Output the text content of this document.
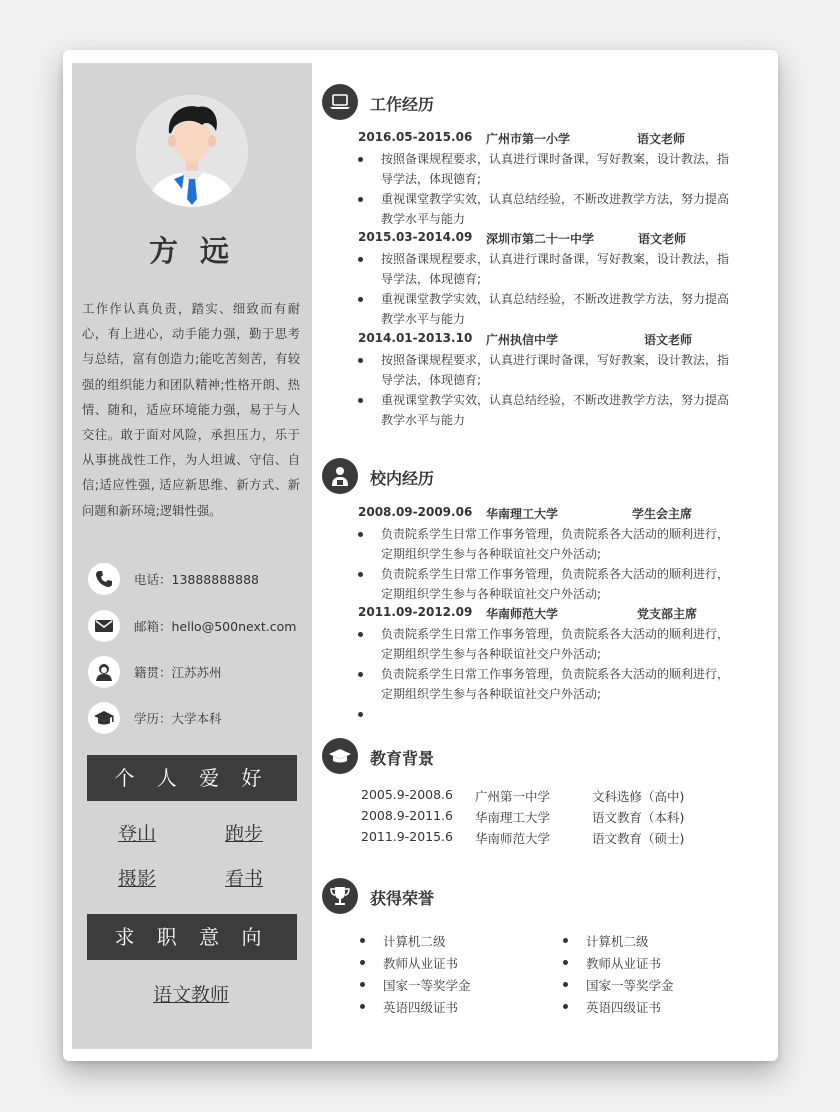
方 远
工作作认真负责，踏实、细致而有耐心，有上进心，动手能力强，勤于思考与总结，富有创造力;能吃苦刻苦，有较强的组织能力和团队精神;性格开朗、热情、随和，适应环境能力强，易于与人交往。敢于面对风险，承担压力，乐于从事挑战性工作，为人坦诚、守信、自信;适应性强, 适应新思维、新方式、新问题和新环境;逻辑性强。
电话：13888888888
邮箱：hello@500next.com
籍贯：江苏苏州
学历：大学本科
个 人 爱 好
登山	跑步
摄影	看书
求 职 意 向
语文教师
工作经历
2016.05-2015.06 广州市第一小学	语文老师
按照备课规程要求，认真进行课时备课，写好教案，设计教法，指导学法，体现德育;
重视课堂教学实效，认真总结经验，不断改进教学方法，努力提高教学水平与能力
2015.03-2014.09 深圳市第二十一中学	语文老师
按照备课规程要求，认真进行课时备课，写好教案，设计教法，指导学法，体现德育;
重视课堂教学实效，认真总结经验，不断改进教学方法，努力提高教学水平与能力
2014.01-2013.10 广州执信中学	语文老师
按照备课规程要求，认真进行课时备课，写好教案，设计教法，指导学法，体现德育;
重视课堂教学实效，认真总结经验，不断改进教学方法，努力提高教学水平与能力
校内经历
2008.09-2009.06 华南理工大学	学生会主席
负责院系学生日常工作事务管理，负责院系各大活动的顺利进行，定期组织学生参与各种联谊社交户外活动;
负责院系学生日常工作事务管理，负责院系各大活动的顺利进行，定期组织学生参与各种联谊社交户外活动;
2011.09-2012.09 华南师范大学	党支部主席
负责院系学生日常工作事务管理，负责院系各大活动的顺利进行，定期组织学生参与各种联谊社交户外活动;
负责院系学生日常工作事务管理，负责院系各大活动的顺利进行，定期组织学生参与各种联谊社交户外活动;
教育背景
2005.9-2008.6 广州第一中学	文科选修（高中)
2008.9-2011.6 华南理工大学	语文教育（本科)
2011.9-2015.6 华南师范大学	语文教育（硕士)
获得荣誉
计算机二级
教师从业证书
国家一等奖学金
英语四级证书
计算机二级
教师从业证书
国家一等奖学金
英语四级证书
